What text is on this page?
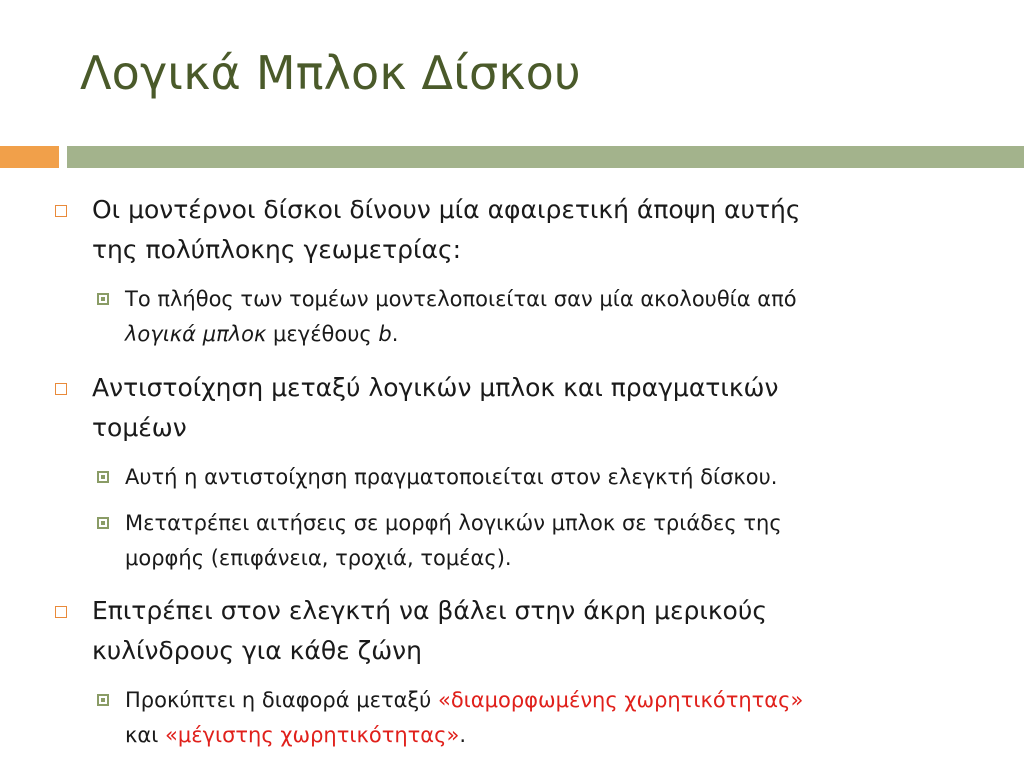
Λογικά Μπλοκ Δίσκου
Οι μοντέρνοι δίσκοι δίνουν μία αφαιρετική άποψη αυτής
της πολύπλοκης γεωμετρίας:
Το πλήθος των τομέων μοντελοποιείται σαν μία ακολουθία από
λογικά μπλοκ μεγέθους b.
Αντιστοίχηση μεταξύ λογικών μπλοκ και πραγματικών
τομέων
Αυτή η αντιστοίχηση πραγματοποιείται στον ελεγκτή δίσκου.
Μετατρέπει αιτήσεις σε μορφή λογικών μπλοκ σε τριάδες της
μορφής (επιφάνεια, τροχιά, τομέας).
Επιτρέπει στον ελεγκτή να βάλει στην άκρη μερικούς
κυλίνδρους για κάθε ζώνη
Προκύπτει η διαφορά μεταξύ «διαμορφωμένης χωρητικότητας»
και «μέγιστης χωρητικότητας».
